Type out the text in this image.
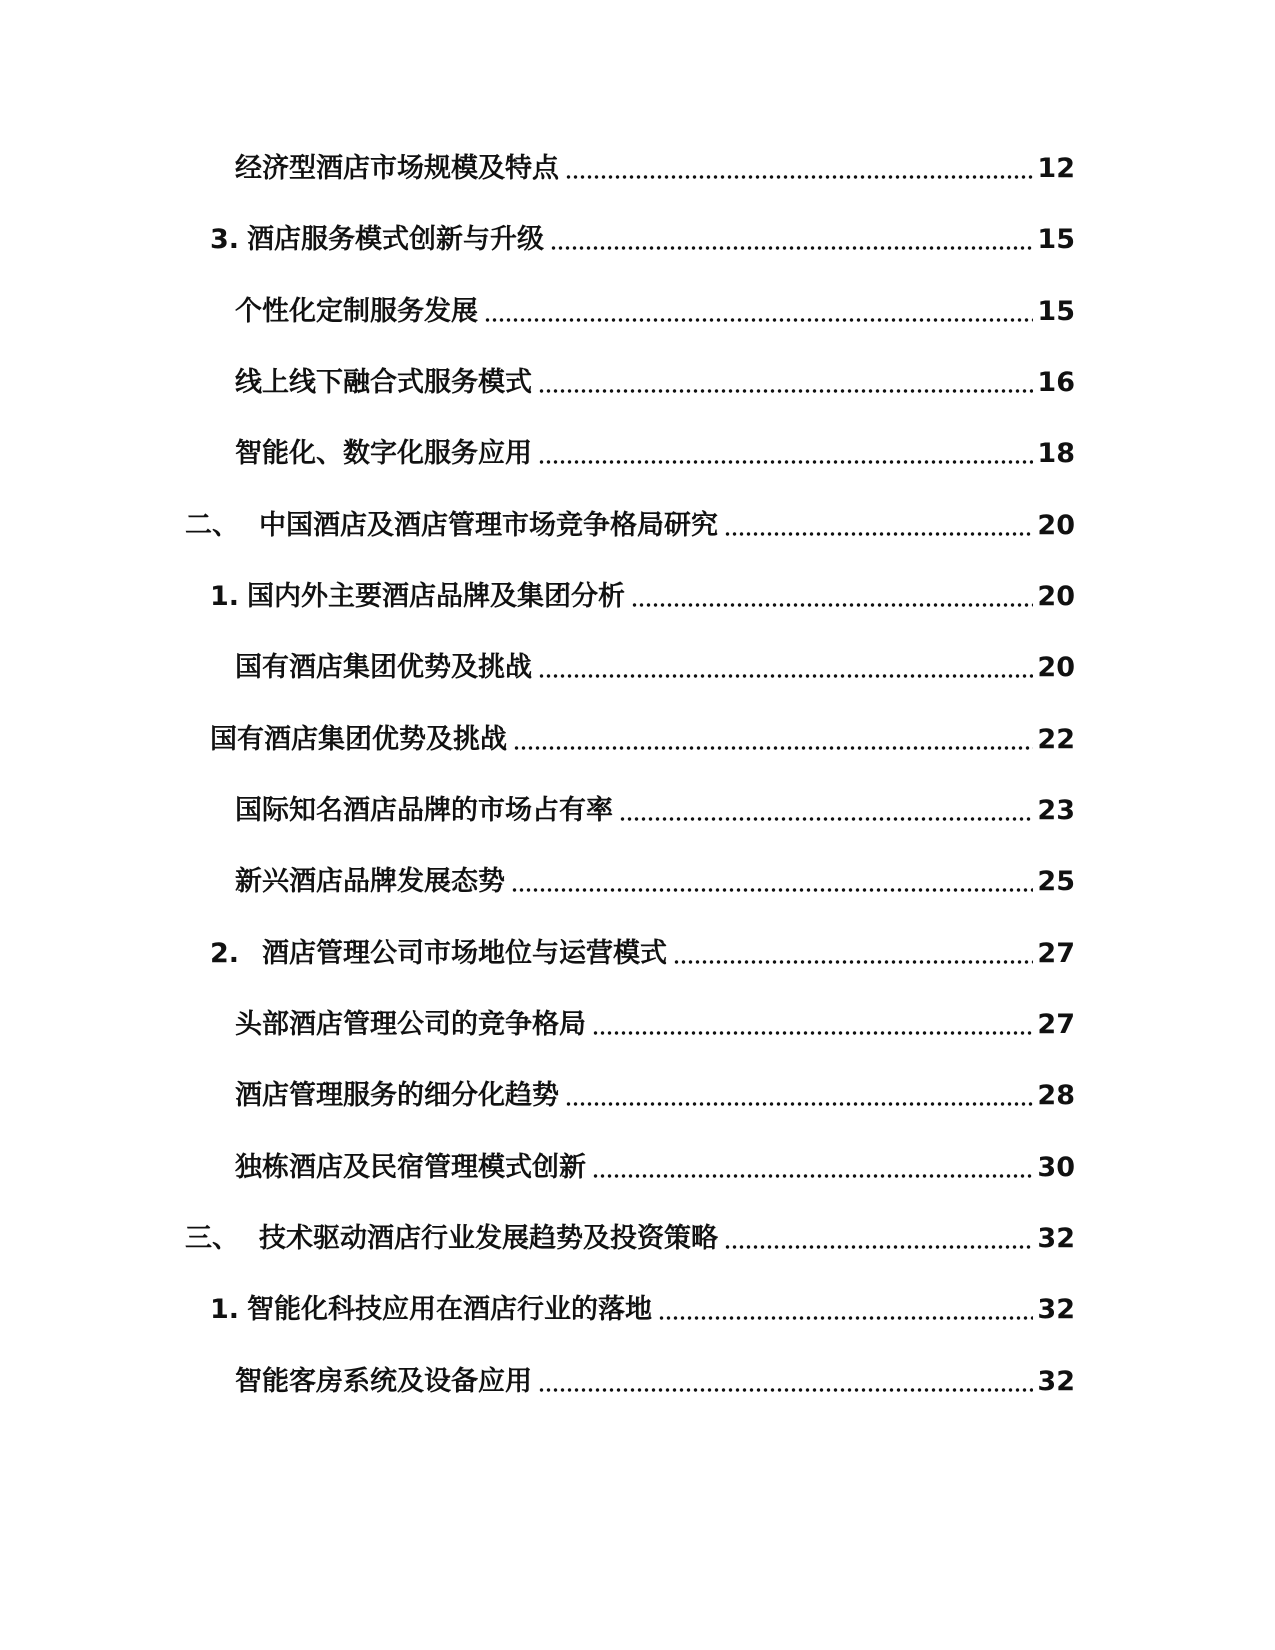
经济型酒店市场规模及特点	12
3. 酒店服务模式创新与升级	15
个性化定制服务发展	15
线上线下融合式服务模式	16
智能化、数字化服务应用	18
二、 中国酒店及酒店管理市场竞争格局研究	20
1. 国内外主要酒店品牌及集团分析	20
国有酒店集团优势及挑战	20
国有酒店集团优势及挑战	22
国际知名酒店品牌的市场占有率	23
新兴酒店品牌发展态势	25
2. 酒店管理公司市场地位与运营模式	27
头部酒店管理公司的竞争格局	27
酒店管理服务的细分化趋势	28
独栋酒店及民宿管理模式创新	30
三、 技术驱动酒店行业发展趋势及投资策略	32
1. 智能化科技应用在酒店行业的落地	32
智能客房系统及设备应用	32
